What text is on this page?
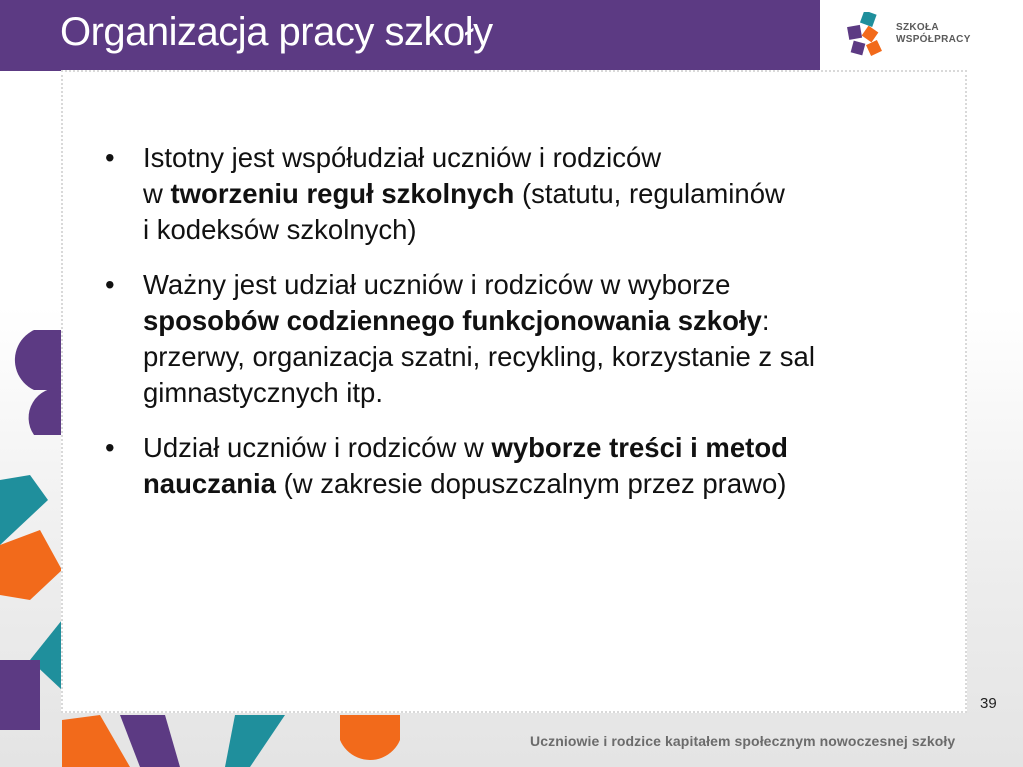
Organizacja pracy szkoły	SZKOŁA
WSPÓŁPRACY
• Istotny jest współudział uczniów i rodziców
w tworzeniu reguł szkolnych (statutu, regulaminów
i kodeksów szkolnych)
• Ważny jest udział uczniów i rodziców w wyborze
sposobów codziennego funkcjonowania szkoły:
przerwy, organizacja szatni, recykling, korzystanie z sal
gimnastycznych itp.
• Udział uczniów i rodziców w wyborze treści i metod
nauczania (w zakresie dopuszczalnym przez prawo)
39
Uczniowie i rodzice kapitałem społecznym nowoczesnej szkoły
